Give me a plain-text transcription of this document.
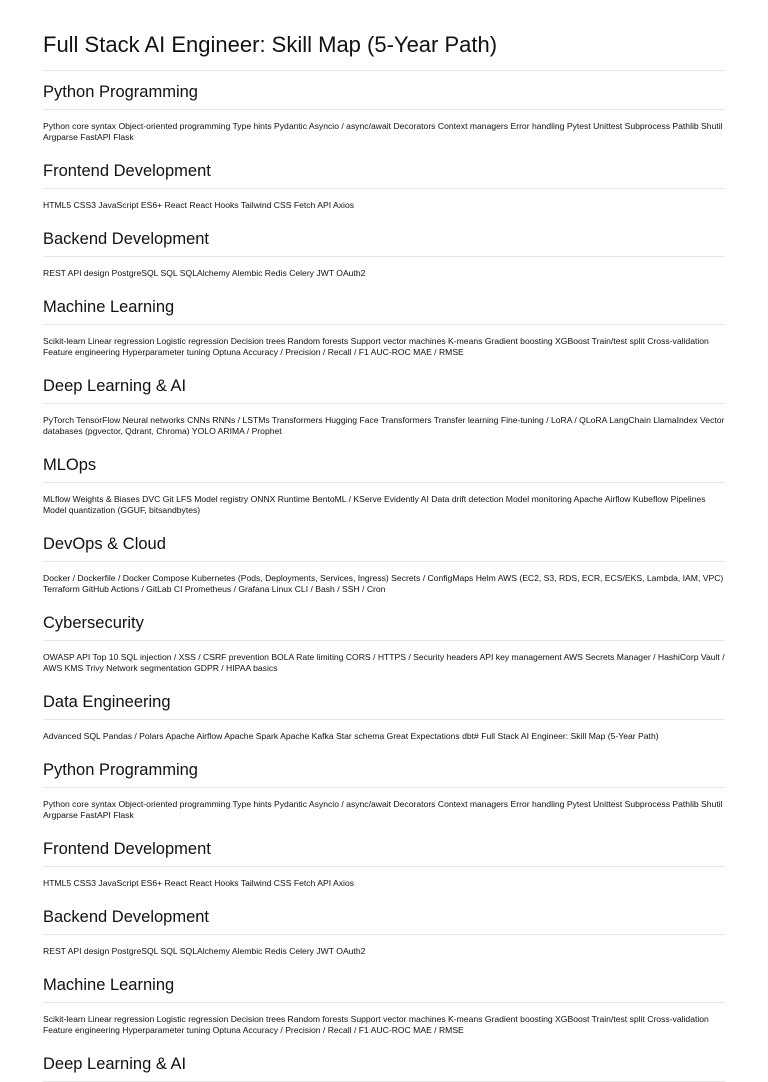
Full Stack AI Engineer: Skill Map (5-Year Path)
Python Programming

Python core syntax Object-oriented programming Type hints Pydantic Asyncio / async/await Decorators Context managers Error handling Pytest Unittest Subprocess Pathlib Shutil Argparse FastAPI Flask

Frontend Development

HTML5 CSS3 JavaScript ES6+ React React Hooks Tailwind CSS Fetch API Axios

Backend Development

REST API design PostgreSQL SQL SQLAlchemy Alembic Redis Celery JWT OAuth2

Machine Learning

Scikit-learn Linear regression Logistic regression Decision trees Random forests Support vector machines K-means Gradient boosting XGBoost Train/test split Cross-validation Feature engineering Hyperparameter tuning Optuna Accuracy / Precision / Recall / F1 AUC-ROC MAE / RMSE

Deep Learning & AI

PyTorch TensorFlow Neural networks CNNs RNNs / LSTMs Transformers Hugging Face Transformers Transfer learning Fine-tuning / LoRA / QLoRA LangChain LlamaIndex Vector databases (pgvector, Qdrant, Chroma) YOLO ARIMA / Prophet

MLOps

MLflow Weights & Biases DVC Git LFS Model registry ONNX Runtime BentoML / KServe Evidently AI Data drift detection Model monitoring Apache Airflow Kubeflow Pipelines Model quantization (GGUF, bitsandbytes)

DevOps & Cloud

Docker / Dockerfile / Docker Compose Kubernetes (Pods, Deployments, Services, Ingress) Secrets / ConfigMaps Helm AWS (EC2, S3, RDS, ECR, ECS/EKS, Lambda, IAM, VPC) Terraform GitHub Actions / GitLab CI Prometheus / Grafana Linux CLI / Bash / SSH / Cron

Cybersecurity

OWASP API Top 10 SQL injection / XSS / CSRF prevention BOLA Rate limiting CORS / HTTPS / Security headers API key management AWS Secrets Manager / HashiCorp Vault / AWS KMS Trivy Network segmentation GDPR / HIPAA basics

Data Engineering

Advanced SQL Pandas / Polars Apache Airflow Apache Spark Apache Kafka Star schema Great Expectations dbt# Full Stack AI Engineer: Skill Map (5-Year Path)

Python Programming

Python core syntax Object-oriented programming Type hints Pydantic Asyncio / async/await Decorators Context managers Error handling Pytest Unittest Subprocess Pathlib Shutil Argparse FastAPI Flask

Frontend Development

HTML5 CSS3 JavaScript ES6+ React React Hooks Tailwind CSS Fetch API Axios

Backend Development

REST API design PostgreSQL SQL SQLAlchemy Alembic Redis Celery JWT OAuth2

Machine Learning

Scikit-learn Linear regression Logistic regression Decision trees Random forests Support vector machines K-means Gradient boosting XGBoost Train/test split Cross-validation Feature engineering Hyperparameter tuning Optuna Accuracy / Precision / Recall / F1 AUC-ROC MAE / RMSE

Deep Learning & AI
